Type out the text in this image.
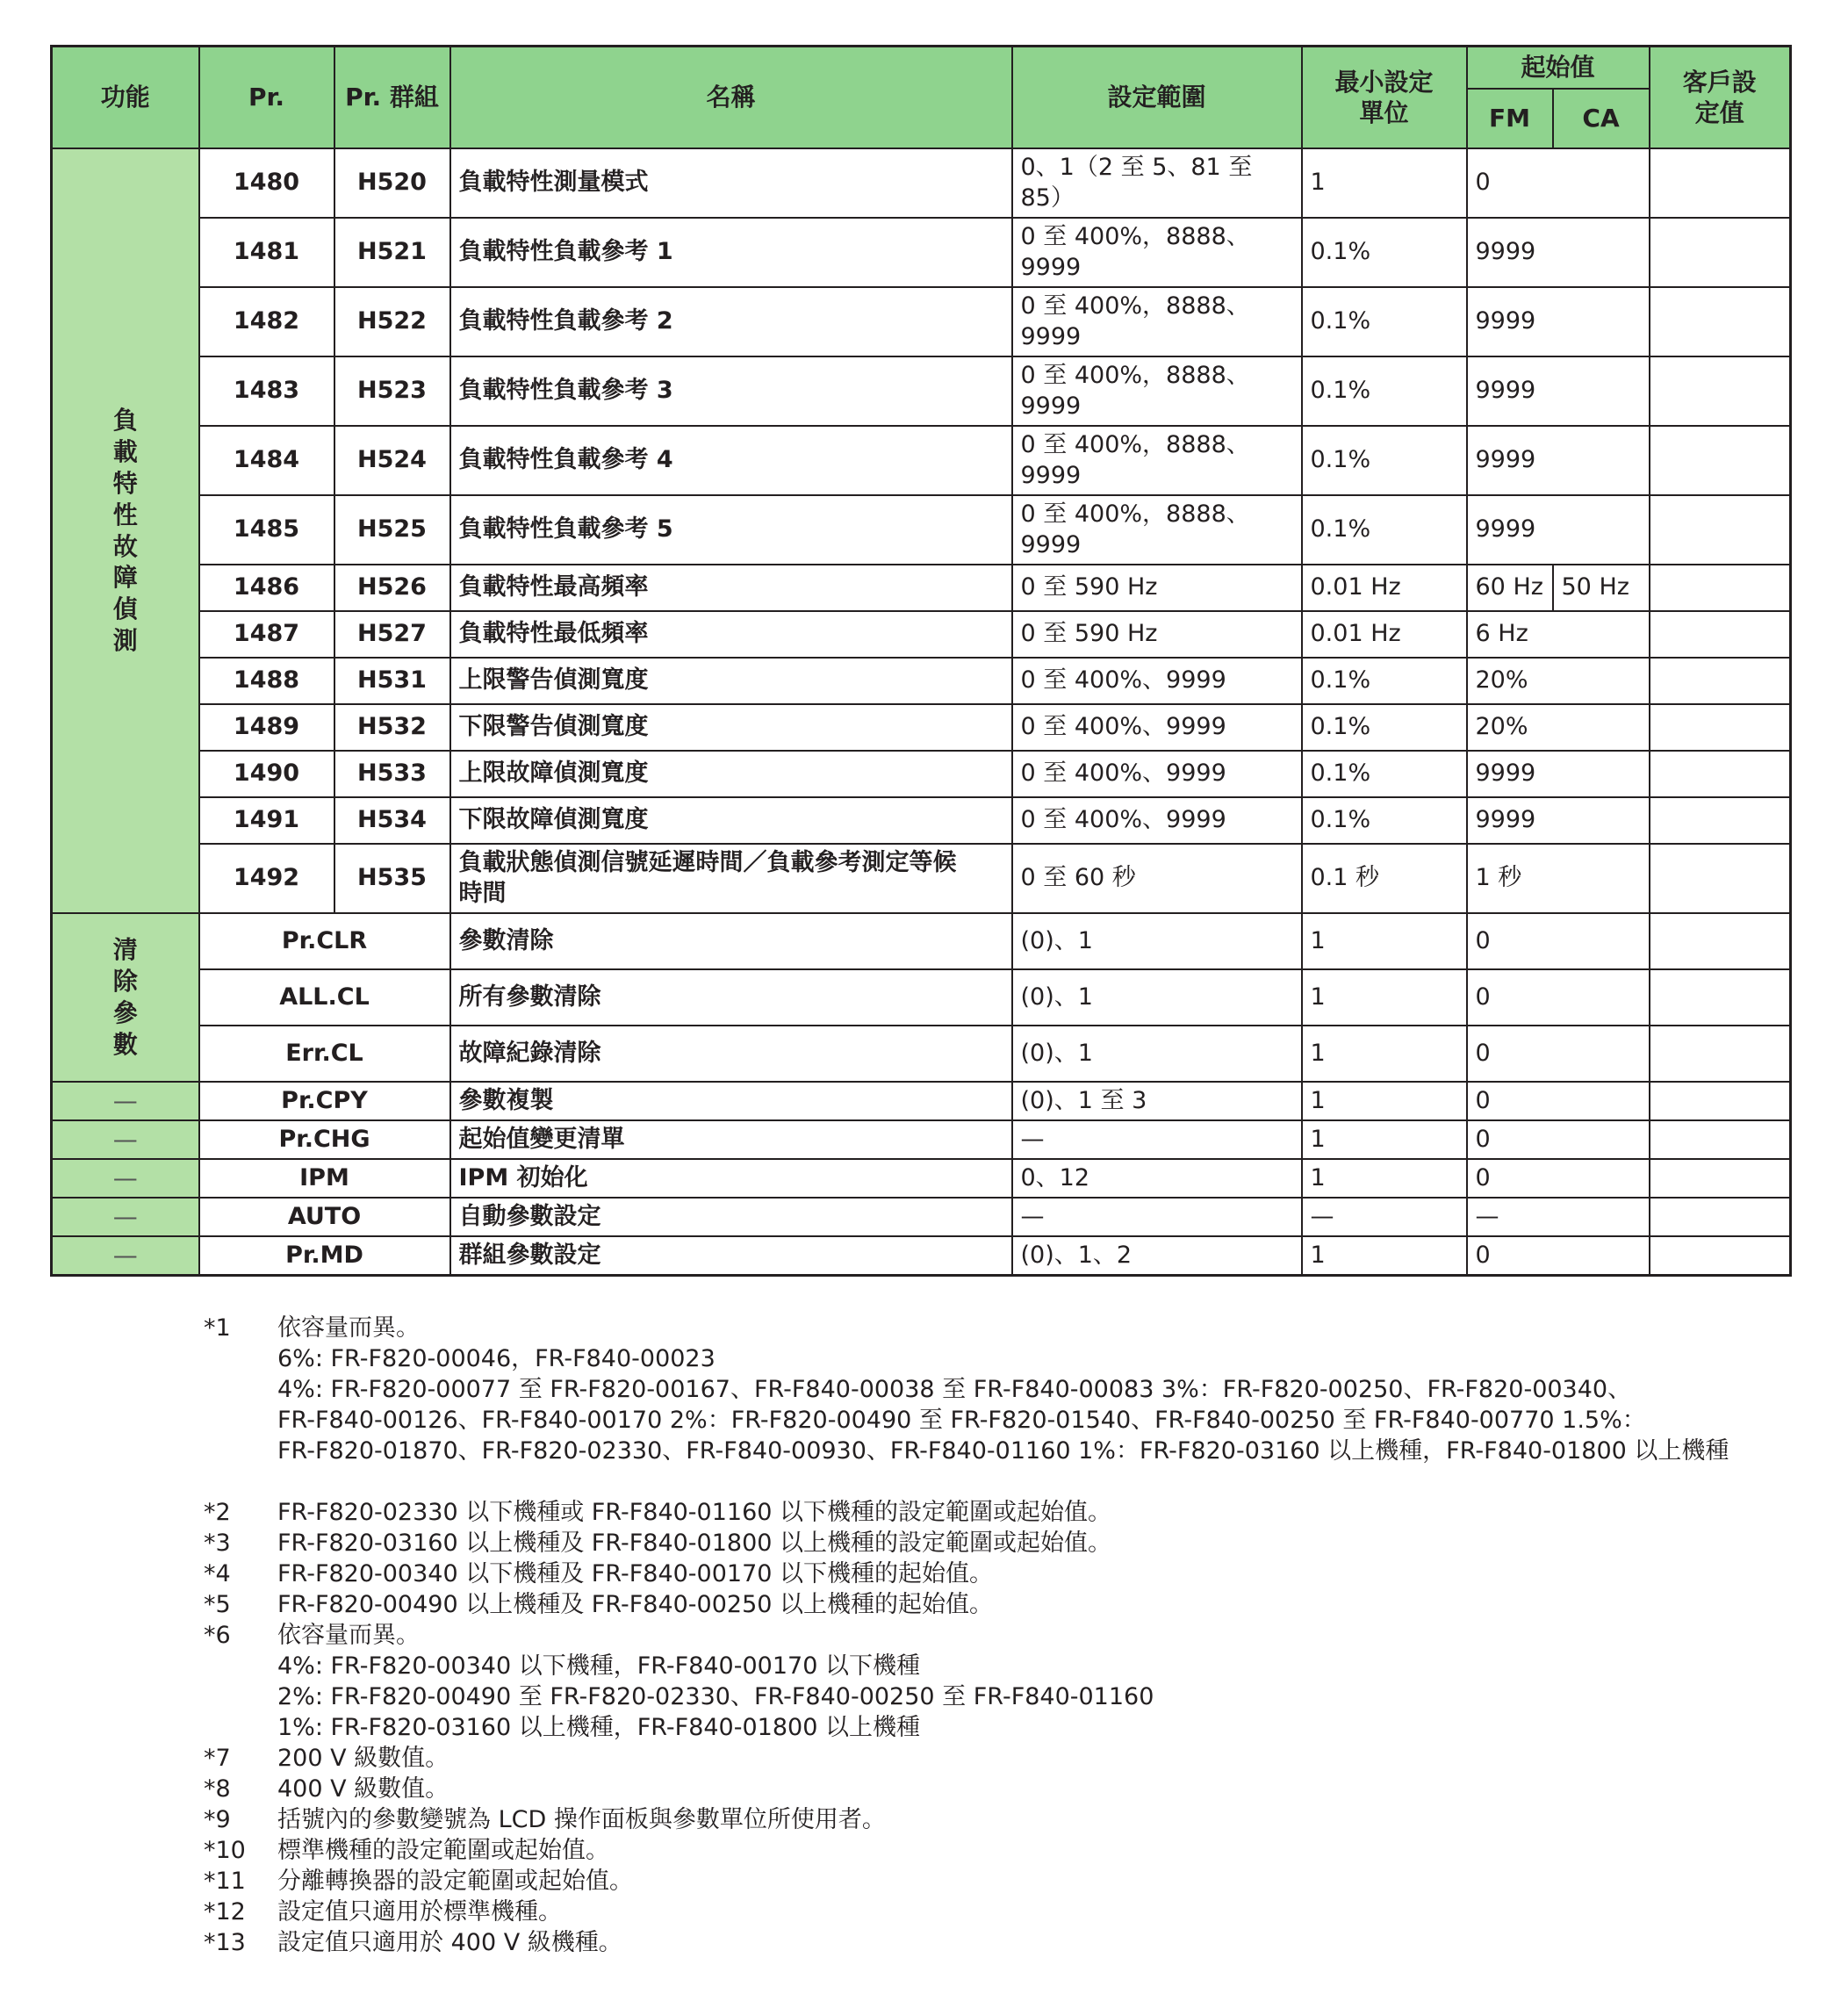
功能	Pr.	Pr. 群組	名稱	設定範圍	最小設定單位	起始值		客戶設定值

						FM	CA	
負載特性故障偵測	1480	H520	負載特性測量模式	0、1（2 至 5、81 至 85）	1	0		
	1481	H521	負載特性負載參考 1	0 至 400%，8888、9999	0.1%	9999		
	1482	H522	負載特性負載參考 2	0 至 400%，8888、9999	0.1%	9999		
	1483	H523	負載特性負載參考 3	0 至 400%，8888、9999	0.1%	9999		
	1484	H524	負載特性負載參考 4	0 至 400%，8888、9999	0.1%	9999		
	1485	H525	負載特性負載參考 5	0 至 400%，8888、9999	0.1%	9999		
	1486	H526	負載特性最高頻率	0 至 590 Hz	0.01 Hz	60 Hz	50 Hz	
	1487	H527	負載特性最低頻率	0 至 590 Hz	0.01 Hz	6 Hz		
	1488	H531	上限警告偵測寬度	0 至 400%、9999	0.1%	20%		
	1489	H532	下限警告偵測寬度	0 至 400%、9999	0.1%	20%		
	1490	H533	上限故障偵測寬度	0 至 400%、9999	0.1%	9999		
	1491	H534	下限故障偵測寬度	0 至 400%、9999	0.1%	9999		
	1492	H535	負載狀態偵測信號延遲時間／負載參考測定等候時間	0 至 60 秒	0.1 秒	1 秒		
清除參數	Pr.CLR		參數清除	(0)、1	1	0		
	ALL.CL		所有參數清除	(0)、1	1	0		
	Err.CL		故障紀錄清除	(0)、1	1	0		
—	Pr.CPY		參數複製	(0)、1 至 3	1	0		
—	Pr.CHG		起始值變更清單	—	1	0		
—	IPM		IPM 初始化	0、12	1	0		
—	AUTO		自動參數設定	—	—	—		
—	Pr.MD		群組參數設定	(0)、1、2	1	0		
*1	依容量而異。
6%: FR-F820-00046，FR-F840-00023
4%: FR-F820-00077 至 FR-F820-00167、FR-F840-00038 至 FR-F840-00083 3%：FR-F820-00250、FR-F820-00340、
FR-F840-00126、FR-F840-00170 2%：FR-F820-00490 至 FR-F820-01540、FR-F840-00250 至 FR-F840-00770 1.5%：
FR-F820-01870、FR-F820-02330、FR-F840-00930、FR-F840-01160 1%：FR-F820-03160 以上機種，FR-F840-01800 以上機種
*2	FR-F820-02330 以下機種或 FR-F840-01160 以下機種的設定範圍或起始值。
*3	FR-F820-03160 以上機種及 FR-F840-01800 以上機種的設定範圍或起始值。
*4	FR-F820-00340 以下機種及 FR-F840-00170 以下機種的起始值。
*5	FR-F820-00490 以上機種及 FR-F840-00250 以上機種的起始值。
*6	依容量而異。
4%: FR-F820-00340 以下機種，FR-F840-00170 以下機種
2%: FR-F820-00490 至 FR-F820-02330、FR-F840-00250 至 FR-F840-01160
1%: FR-F820-03160 以上機種，FR-F840-01800 以上機種
*7	200 V 級數值。
*8	400 V 級數值。
*9	括號內的參數變號為 LCD 操作面板與參數單位所使用者。
*10	標準機種的設定範圍或起始值。
*11	分離轉換器的設定範圍或起始值。
*12	設定值只適用於標準機種。
*13	設定值只適用於 400 V 級機種。
